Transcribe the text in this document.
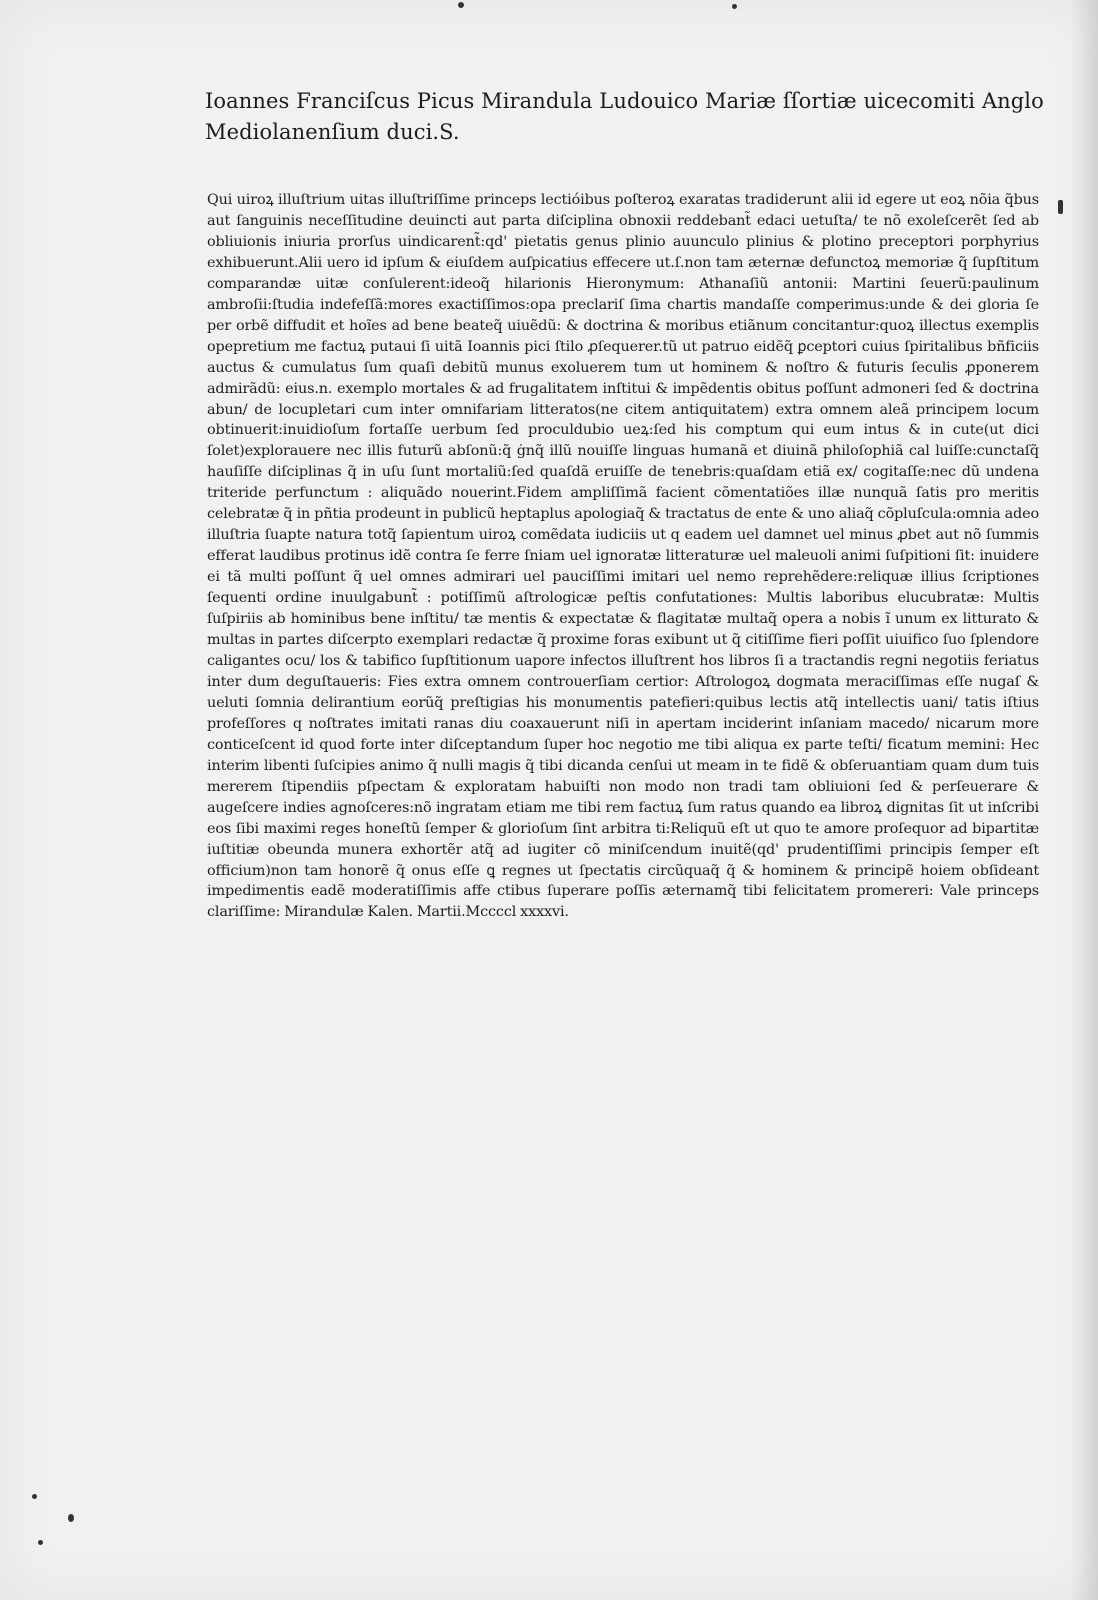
Ioannes Franciſcus Picus Mirandula Ludouico Mariæ ſſortiæ uicecomiti Anglo Mediolanenſium duci.S.

Qui uiroꝝ illuſtrium uitas illuſtriſſime princeps lectióibus poſteroꝝ exaratas tradiderunt alii id egere ut eoꝝ nõia q̃bus aut ſanguinis neceſſitudine deuincti aut parta diſciplina obnoxii reddebant̃ edaci uetuſta/ te nõ exoleſcerẽt ſed ab obliuionis iniuria prorſus uindicarent̃:qd' pietatis genus plinio auunculo plinius & plotino preceptori porphyrius exhibuerunt.Alii uero id ipſum & eiuſdem auſpicatius effecere ut.ſ.non tam æternæ defunctoꝝ memoriæ q̃ ſupſtitum comparandæ uitæ conſulerent:ideoq̃ hilarionis Hieronymum: Athanaſiũ antonii: Martini ſeuerũ:paulinum ambroſii:ſtudia indefeſſã:mores exactiſſimos:opa preclariſ ſima chartis mandaſſe comperimus:unde & dei gloria ſe per orbẽ diffudit et hoĩes ad bene beateq̃ uiuẽdũ: & doctrina & moribus etiãnum concitantur:quoꝝ illectus exemplis opepretium me factuꝝ putaui ſi uitã Ioannis pici ſtilo ꝓſequerer.tũ ut patruo eidẽq̃ ꝑceptori cuius ſpiritalibus bñficiis auctus & cumulatus ſum quaſi debitũ munus exoluerem tum ut hominem & noſtro & futuris ſeculis ꝓponerem admirãdũ: eius.n. exemplo mortales & ad frugalitatem inſtitui & impẽdentis obitus poſſunt admoneri ſed & doctrina abun/ de locupletari cum inter omnifariam litteratos(ne citem antiquitatem) extra omnem aleã principem locum obtinuerit:inuidioſum fortaſſe uerbum ſed proculdubio ueꝝ:ſed his comptum qui eum intus & in cute(ut dici ſolet)explorauere nec illis futurũ abſonũ:q̃ ġnq̃ illũ nouiſſe linguas humanã et diuinã philoſophiã cal luiſſe:cunctaſq̃ hauſiſſe diſciplinas q̃ in uſu ſunt mortaliũ:ſed quaſdã eruiſſe de tenebris:quaſdam etiã ex/ cogitaſſe:nec dũ undena triteride perfunctum : aliquãdo nouerint.Fidem ampliſſimã facient cõmentatiões illæ nunquã ſatis pro meritis celebratæ q̃ in pñtia prodeunt in publicũ heptaplus apologiaq̃ & tractatus de ente & uno aliaq̃ cõpluſcula:omnia adeo illuſtria ſuapte natura totq̃ ſapientum uiroꝝ comẽdata iudiciis ut q eadem uel damnet uel minus ꝓbet aut nõ ſummis efferat laudibus protinus idẽ contra ſe ferre ſniam uel ignoratæ litteraturæ uel maleuoli animi ſuſpitioni ſit: inuidere ei tã multi poſſunt q̃ uel omnes admirari uel pauciſſimi imitari uel nemo reprehẽdere:reliquæ illius ſcriptiones ſequenti ordine inuulgabunt̃ : potiſſimũ aſtrologicæ peſtis confutationes: Multis laboribus elucubratæ: Multis ſuſpiriis ab hominibus bene inſtitu/ tæ mentis & expectatæ & flagitatæ multaq̃ opera a nobis ĩ unum ex litturato & multas in partes diſcerpto exemplari redactæ q̃ proxime foras exibunt ut q̃ citiſſime fieri poſſit uiuifico ſuo ſplendore caligantes ocu/ los & tabifico ſupſtitionum uapore infectos illuſtrent hos libros ſi a tractandis regni negotiis feriatus inter dum deguſtaueris: Fies extra omnem controuerſiam certior: Aſtrologoꝝ dogmata meraciſſimas eſſe nugaſ & ueluti ſomnia delirantium eorũq̃ preſtigias his monumentis patefieri:quibus lectis atq̃ intellectis uani/ tatis iſtius profeſſores q noſtrates imitati ranas diu coaxauerunt niſi in apertam inciderint inſaniam macedo/ nicarum more conticeſcent id quod forte inter diſceptandum ſuper hoc negotio me tibi aliqua ex parte teſti/ ficatum memini: Hec interim libenti ſuſcipies animo q̃ nulli magis q̃ tibi dicanda cenſui ut meam in te fidẽ & obſeruantiam quam dum tuis mererem ſtipendiis pſpectam & exploratam habuiſti non modo non tradi tam obliuioni ſed & perſeuerare & augeſcere indies agnoſceres:nõ ingratam etiam me tibi rem factuꝝ ſum ratus quando ea libroꝝ dignitas ſit ut inſcribi eos ſibi maximi reges honeſtũ ſemper & glorioſum ſint arbitra ti:Reliquũ eſt ut quo te amore proſequor ad bipartitæ iuſtitiæ obeunda munera exhortẽr atq̃ ad iugiter cõ miniſcendum inuitẽ(qd' prudentiſſimi principis ſemper eſt officium)non tam honorẽ q̃ onus eſſe ꝗ regnes ut ſpectatis circũquaq̃ q̃ & hominem & principẽ hoiem obſideant impedimentis eadẽ moderatiſſimis affe ctibus ſuperare poſſis æternamq̃ tibi felicitatem promereri: Vale princeps clariſſime: Mirandulæ Kalen. Martii.Mccccl xxxxvi.
